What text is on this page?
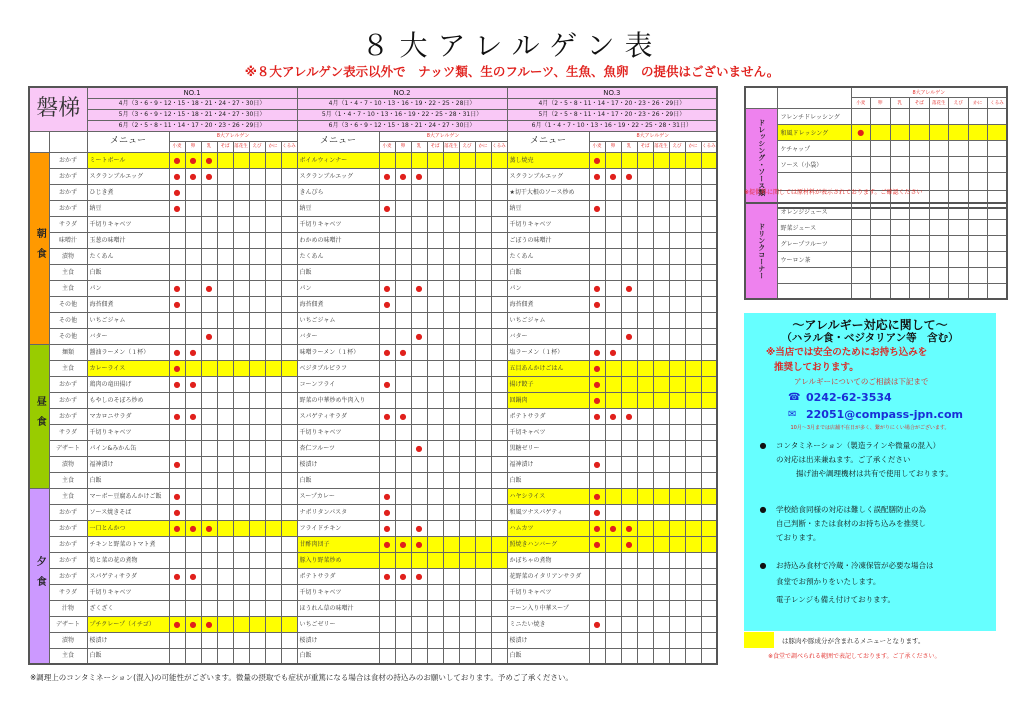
８大アレルゲン表
※８大アレルゲン表示以外で　ナッツ類、生のフルーツ、生魚、魚卵　の提供はございません。
磐梯		NO.1									NO.2									NO.3								
		4月（3・6・9・12・15・18・21・24・27・30日）									4月（1・4・7・10・13・16・19・22・25・28日）									4月（2・5・8・11・14・17・20・23・26・29日）								
		5月（3・6・9・12・15・18・21・24・27・30日）									5月（1・4・7・10・13・16・19・22・25・28・31日）									5月（2・5・8・11・14・17・20・23・26・29日）								
		6月（2・5・8・11・14・17・20・23・26・29日）									6月（3・6・9・12・15・18・21・24・27・30日）									6月（1・4・7・10・13・16・19・22・25・28・31日）								
		メニュー	8大アレルゲン								メニュー	8大アレルゲン								メニュー	8大アレルゲン							
			小麦	卵	乳	そば	落花生	えび	かに	くるみ		小麦	卵	乳	そば	落花生	えび	かに	くるみ		小麦	卵	乳	そば	落花生	えび	かに	くるみ
朝食	おかず	ミートボール	●	●	●						ボイルウィンナー									蒸し焼売	●							
	おかず	スクランブルエッグ	●	●	●						スクランブルエッグ	●	●	●						スクランブルエッグ	●	●	●					
	おかず	ひじき煮	●								きんぴら									★切干大根のソース炒め								
	おかず	納豆	●								納豆	●								納豆	●							
	サラダ	千切りキャベツ									千切りキャベツ									千切りキャベツ								
	味噌汁	玉葱の味噌汁									わかめの味噌汁									ごぼうの味噌汁								
	漬物	たくあん									たくあん									たくあん								
	主食	白飯									白飯									白飯								
	主食	パン	●		●						パン	●		●						パン	●		●					
	その他	海苔佃煮	●								海苔佃煮	●								海苔佃煮	●							
	その他	いちごジャム									いちごジャム									いちごジャム								
	その他	バター			●						バター			●						バター			●					
昼食	麺類	醤油ラーメン（１杯）	●	●							味噌ラーメン（１杯）	●	●							塩ラーメン（１杯）	●	●						
	主食	カレーライス	●								ベジタブルピラフ									五目あんかけごはん	●							
	おかず	鶏肉の竜田揚げ	●	●							コーンフライ	●								揚げ餃子	●							
	おかず	もやしのそぼろ炒め									野菜の中華炒め牛肉入り									回鍋肉	●							
	おかず	マカロニサラダ	●	●							スパゲティサラダ	●	●							ポテトサラダ	●	●	●					
	サラダ	千切りキャベツ									千切りキャベツ									千切キャベツ								
	デザート	パイン&みかん缶									杏仁フルーツ			●						黒糖ゼリー								
	漬物	福神漬け	●								桜漬け									福神漬け	●							
	主食	白飯									白飯									白飯								
夕食	主食	マーボー豆腐あんかけご飯	●								スープカレー	●								ハヤシライス	●							
	おかず	ソース焼きそば	●								ナポリタンパスタ	●								和風ツナスパゲティ	●							
	おかず	一口とんかつ	●	●	●						フライドチキン	●		●						ハムカツ	●	●	●					
	おかず	チキンと野菜のトマト煮									甘酢肉団子	●	●	●						照焼きハンバーグ	●		●					
	おかず	筍と菜の花の煮物									豚入り野菜炒め									かぼちゃの煮物								
	おかず	スパゲティサラダ	●	●							ポテトサラダ	●	●	●						花野菜のイタリアンサラダ								
	サラダ	千切りキャベツ									千切りキャベツ									千切りキャベツ								
	汁物	ざくざく									ほうれん草の味噌汁									コーン入り中華スープ								
	デザート	プチクレープ（イチゴ）	●	●	●						いちごゼリー									ミニたい焼き	●							
	漬物	桜漬け									桜漬け									桜漬け								
	主食	白飯									白飯									白飯								
※調理上のコンタミネーション(混入)の可能性がございます。微量の摂取でも症状が重篤になる場合は食材の持込みのお願いしております。予めご了承ください。
		8大アレルゲン							
		小麦	卵	乳	そば	落花生	えび	かに	くるみ
ドレッシング・ソース類	フレンチドレッシング								
	和風ドレッシング	●							
	ケチャップ								
	ソース（小袋）								

※提供料に関しては原材料が表示されております。ご確認ください
ドリンクコーナー	オレンジジュース								
	野菜ジュース								
	グレープフルーツ								
	ウーロン茶								

～アレルギー対応に関して～
（ハラル食・ベジタリアン等　含む）
※当店では安全のためにお持ち込みを
推奨しております。
アレルギーについてのご相談は下記まで
☎ 0242-62-3534
✉ 22051@compass-jpn.com
10月～3月までは店舗不在日が多く、繋がりにくい場合がございます。
●	コンタミネーション（製造ラインや微量の混入）
の対応は出来兼ねます。ご了承ください
揚げ油や調理機材は共有で使用しております。
●	学校給食同様の対応は難しく誤配膳防止の為
自己判断・または食材のお持ち込みを推奨し
ております。
●	お持込み食材で冷蔵・冷凍保管が必要な場合は
食堂でお預かりをいたします。
電子レンジも備え付けております。
は豚肉や豚成分が含まれるメニューとなります。
※食堂で調べられる範囲で表記しております。ご了承ください。
